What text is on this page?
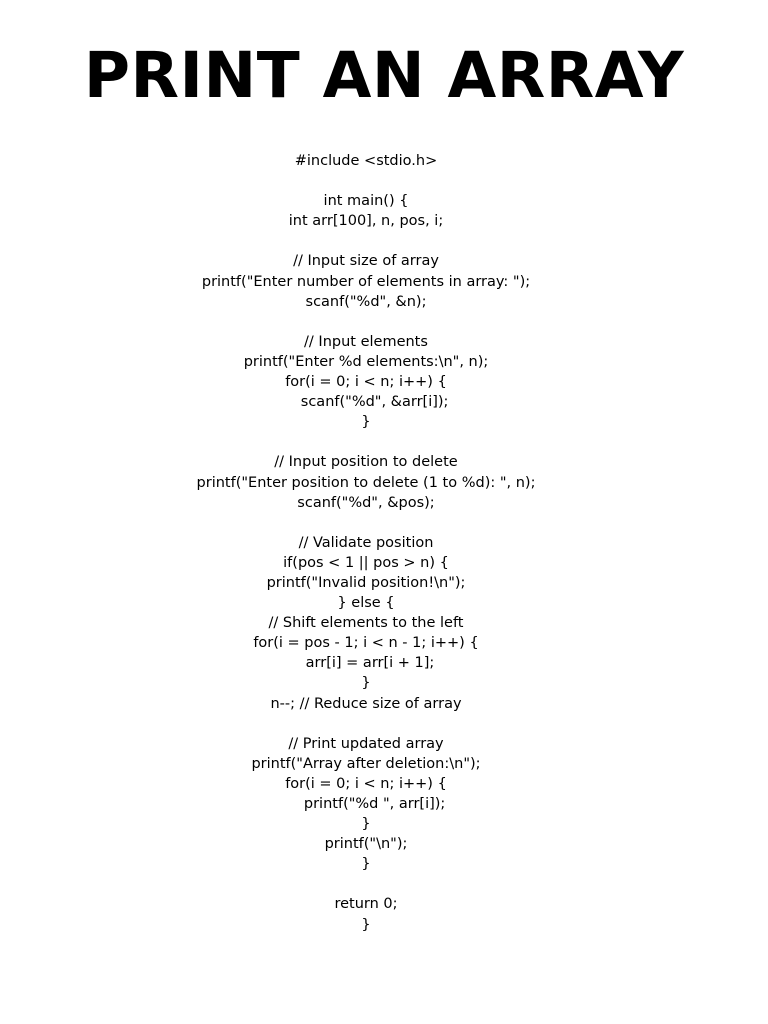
PRINT AN ARRAY
#include <stdio.h>
int main() {
int arr[100], n, pos, i;
// Input size of array
printf("Enter number of elements in array: ");
scanf("%d", &n);
// Input elements
printf("Enter %d elements:\n", n);
for(i = 0; i < n; i++) {
scanf("%d", &arr[i]);
}
// Input position to delete
printf("Enter position to delete (1 to %d): ", n);
scanf("%d", &pos);
// Validate position
if(pos < 1 || pos > n) {
printf("Invalid position!\n");
} else {
// Shift elements to the left
for(i = pos - 1; i < n - 1; i++) {
arr[i] = arr[i + 1];
}
n--; // Reduce size of array
// Print updated array
printf("Array after deletion:\n");
for(i = 0; i < n; i++) {
printf("%d ", arr[i]);
}
printf("\n");
}
return 0;
}
